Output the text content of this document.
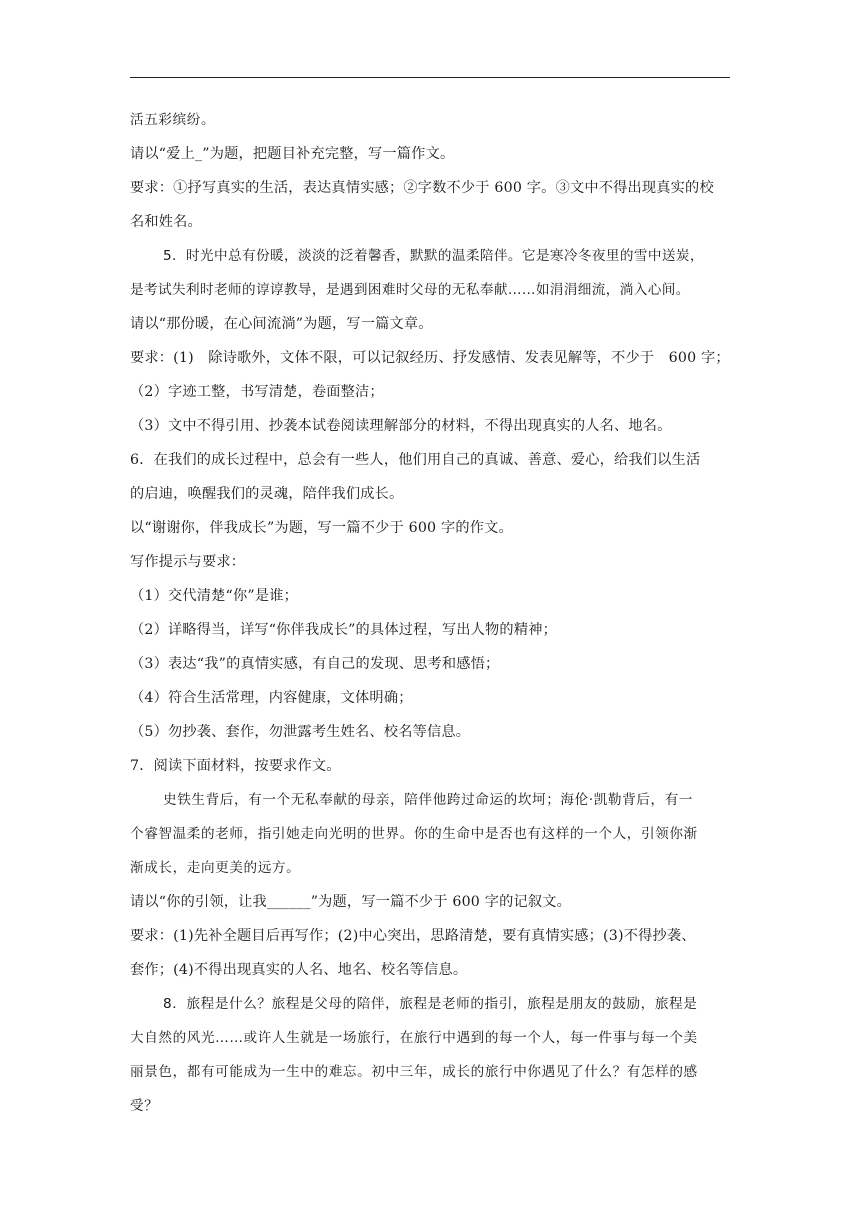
活五彩缤纷。

请以“爱上_”为题，把题目补充完整，写一篇作文。

要求：①抒写真实的生活，表达真情实感；②字数不少于 600 字。③文中不得出现真实的校

名和姓名。

5．时光中总有份暖，淡淡的泛着馨香，默默的温柔陪伴。它是寒冷冬夜里的雪中送炭，

是考试失利时老师的谆谆教导，是遇到困难时父母的无私奉献……如涓涓细流，淌入心间。

请以“那份暖，在心间流淌”为题，写一篇文章。

要求：(1)　除诗歌外，文体不限，可以记叙经历、抒发感情、发表见解等，不少于　600 字；

（2）字迹工整，书写清楚，卷面整洁；

（3）文中不得引用、抄袭本试卷阅读理解部分的材料，不得出现真实的人名、地名。

6．在我们的成长过程中，总会有一些人，他们用自己的真诚、善意、爱心，给我们以生活

的启迪，唤醒我们的灵魂，陪伴我们成长。

以“谢谢你，伴我成长”为题，写一篇不少于 600 字的作文。

写作提示与要求：

（1）交代清楚“你”是谁；

（2）详略得当，详写“你伴我成长”的具体过程，写出人物的精神；

（3）表达“我”的真情实感，有自己的发现、思考和感悟；

（4）符合生活常理，内容健康，文体明确；

（5）勿抄袭、套作，勿泄露考生姓名、校名等信息。

7．阅读下面材料，按要求作文。

史铁生背后，有一个无私奉献的母亲，陪伴他跨过命运的坎坷；海伦·凯勒背后，有一

个睿智温柔的老师，指引她走向光明的世界。你的生命中是否也有这样的一个人，引领你渐

渐成长，走向更美的远方。

请以“你的引领，让我______”为题，写一篇不少于 600 字的记叙文。

要求：(1)先补全题目后再写作；(2)中心突出，思路清楚，要有真情实感；(3)不得抄袭、

套作；(4)不得出现真实的人名、地名、校名等信息。

8．旅程是什么？旅程是父母的陪伴，旅程是老师的指引，旅程是朋友的鼓励，旅程是

大自然的风光……或许人生就是一场旅行，在旅行中遇到的每一个人，每一件事与每一个美

丽景色，都有可能成为一生中的难忘。初中三年，成长的旅行中你遇见了什么？有怎样的感

受？
